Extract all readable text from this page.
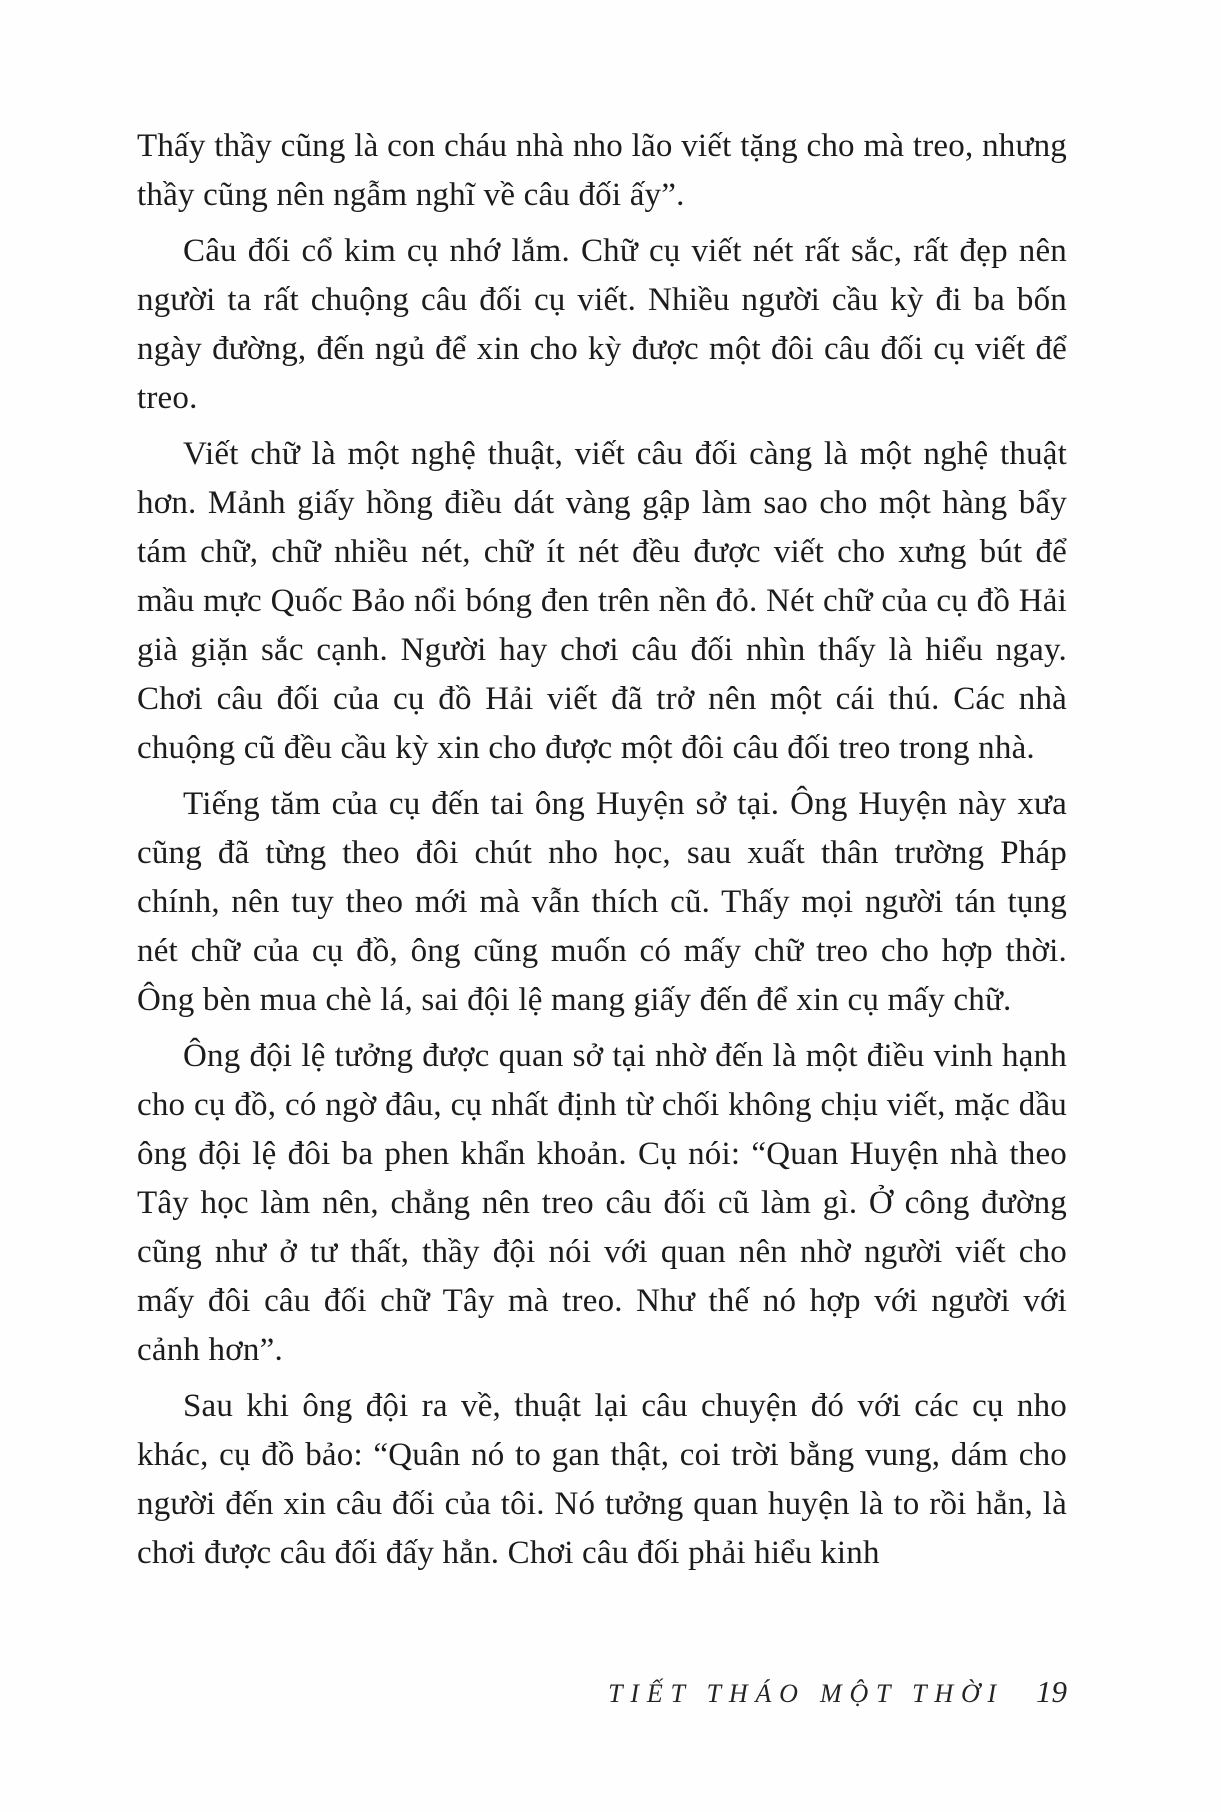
Thấy thầy cũng là con cháu nhà nho lão viết tặng cho mà treo, nhưng thầy cũng nên ngẫm nghĩ về câu đối ấy”.

Câu đối cổ kim cụ nhớ lắm. Chữ cụ viết nét rất sắc, rất đẹp nên người ta rất chuộng câu đối cụ viết. Nhiều người cầu kỳ đi ba bốn ngày đường, đến ngủ để xin cho kỳ được một đôi câu đối cụ viết để treo.

Viết chữ là một nghệ thuật, viết câu đối càng là một nghệ thuật hơn. Mảnh giấy hồng điều dát vàng gập làm sao cho một hàng bẩy tám chữ, chữ nhiều nét, chữ ít nét đều được viết cho xưng bút để mầu mực Quốc Bảo nổi bóng đen trên nền đỏ. Nét chữ của cụ đồ Hải già giặn sắc cạnh. Người hay chơi câu đối nhìn thấy là hiểu ngay. Chơi câu đối của cụ đồ Hải viết đã trở nên một cái thú. Các nhà chuộng cũ đều cầu kỳ xin cho được một đôi câu đối treo trong nhà.

Tiếng tăm của cụ đến tai ông Huyện sở tại. Ông Huyện này xưa cũng đã từng theo đôi chút nho học, sau xuất thân trường Pháp chính, nên tuy theo mới mà vẫn thích cũ. Thấy mọi người tán tụng nét chữ của cụ đồ, ông cũng muốn có mấy chữ treo cho hợp thời. Ông bèn mua chè lá, sai đội lệ mang giấy đến để xin cụ mấy chữ.

Ông đội lệ tưởng được quan sở tại nhờ đến là một điều vinh hạnh cho cụ đồ, có ngờ đâu, cụ nhất định từ chối không chịu viết, mặc dầu ông đội lệ đôi ba phen khẩn khoản. Cụ nói: “Quan Huyện nhà theo Tây học làm nên, chẳng nên treo câu đối cũ làm gì. Ở công đường cũng như ở tư thất, thầy đội nói với quan nên nhờ người viết cho mấy đôi câu đối chữ Tây mà treo. Như thế nó hợp với người với cảnh hơn”.

Sau khi ông đội ra về, thuật lại câu chuyện đó với các cụ nho khác, cụ đồ bảo: “Quân nó to gan thật, coi trời bằng vung, dám cho người đến xin câu đối của tôi. Nó tưởng quan huyện là to rồi hẳn, là chơi được câu đối đấy hẳn. Chơi câu đối phải hiểu kinh

TIẾT THÁO MỘT THỜI 19
